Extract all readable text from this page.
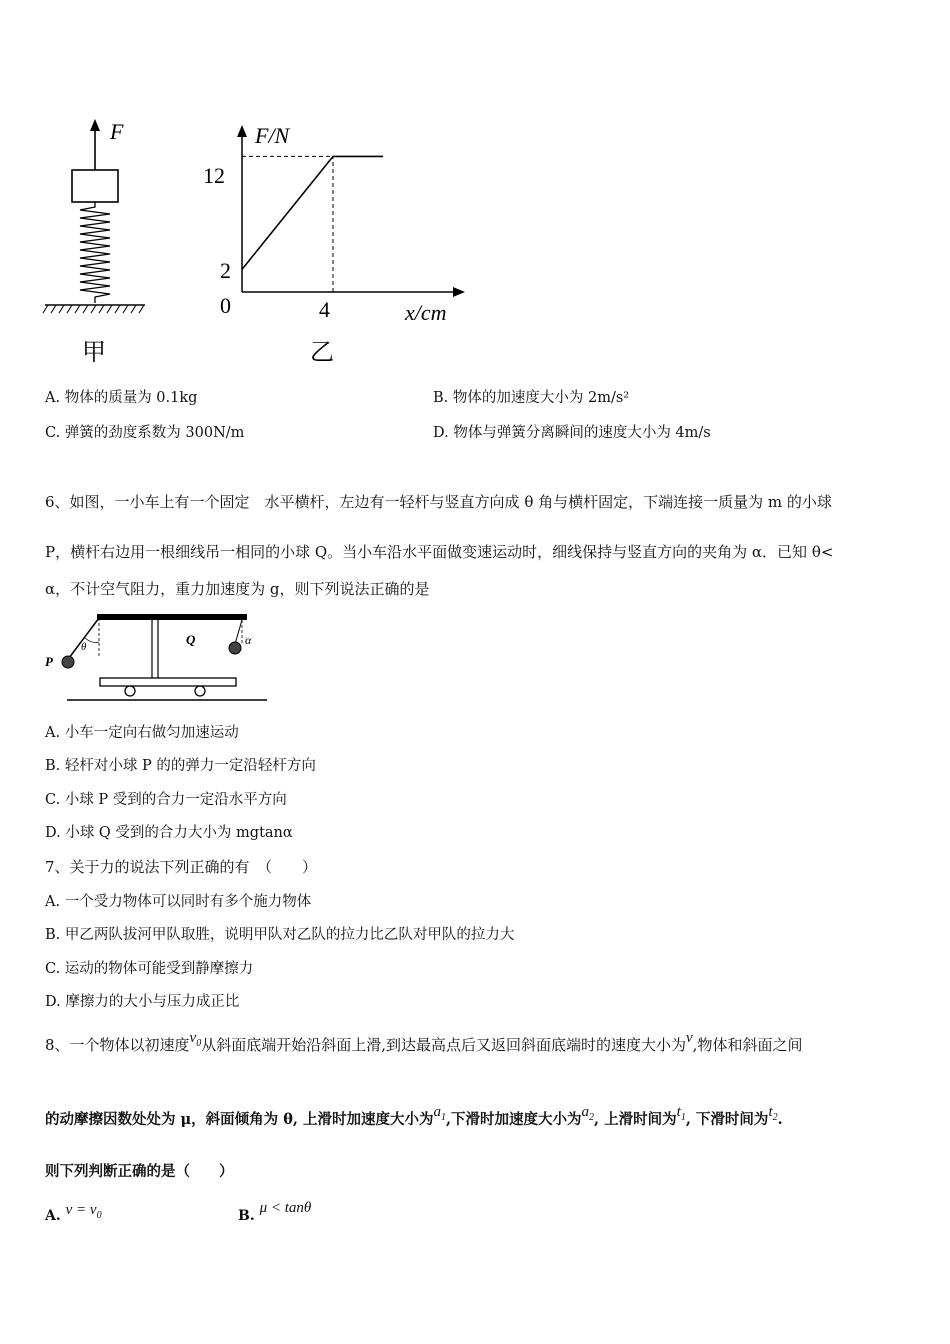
F
甲
F/N
x/cm
0
12
2
4
乙
A. 物体的质量为 0.1kg	B. 物体的加速度大小为 2m/s²
C. 弹簧的劲度系数为 300N/m	D. 物体与弹簧分离瞬间的速度大小为 4m/s
6、如图，一小车上有一个固定　水平横杆，左边有一轻杆与竖直方向成 θ 角与横杆固定，下端连接一质量为 m 的小球
P，横杆右边用一根细线吊一相同的小球 Q。当小车沿水平面做变速运动时，细线保持与竖直方向的夹角为 α．已知 θ<
α，不计空气阻力，重力加速度为 g，则下列说法正确的是
P
θ	Q	α
A. 小车一定向右做匀加速运动
B. 轻杆对小球 P 的的弹力一定沿轻杆方向
C. 小球 P 受到的合力一定沿水平方向
D. 小球 Q 受到的合力大小为 mgtanα
7、关于力的说法下列正确的有　（　　）
A. 一个受力物体可以同时有多个施力物体
B. 甲乙两队拔河甲队取胜，说明甲队对乙队的拉力比乙队对甲队的拉力大
C. 运动的物体可能受到静摩擦力
D. 摩擦力的大小与压力成正比
8、一个物体以初速度$v_0$从斜面底端开始沿斜面上滑,到达最高点后又返回斜面底端时的速度大小为v,物体和斜面之间
的动摩擦因数处处为 μ，斜面倾角为 θ, 上滑时加速度大小为$a_1$,下滑时加速度大小为$a_2$, 上滑时间为$t_1$, 下滑时间为$t_2$.
则下列判断正确的是（　　）
A. $v = v_0$	B. μ < tanθ
